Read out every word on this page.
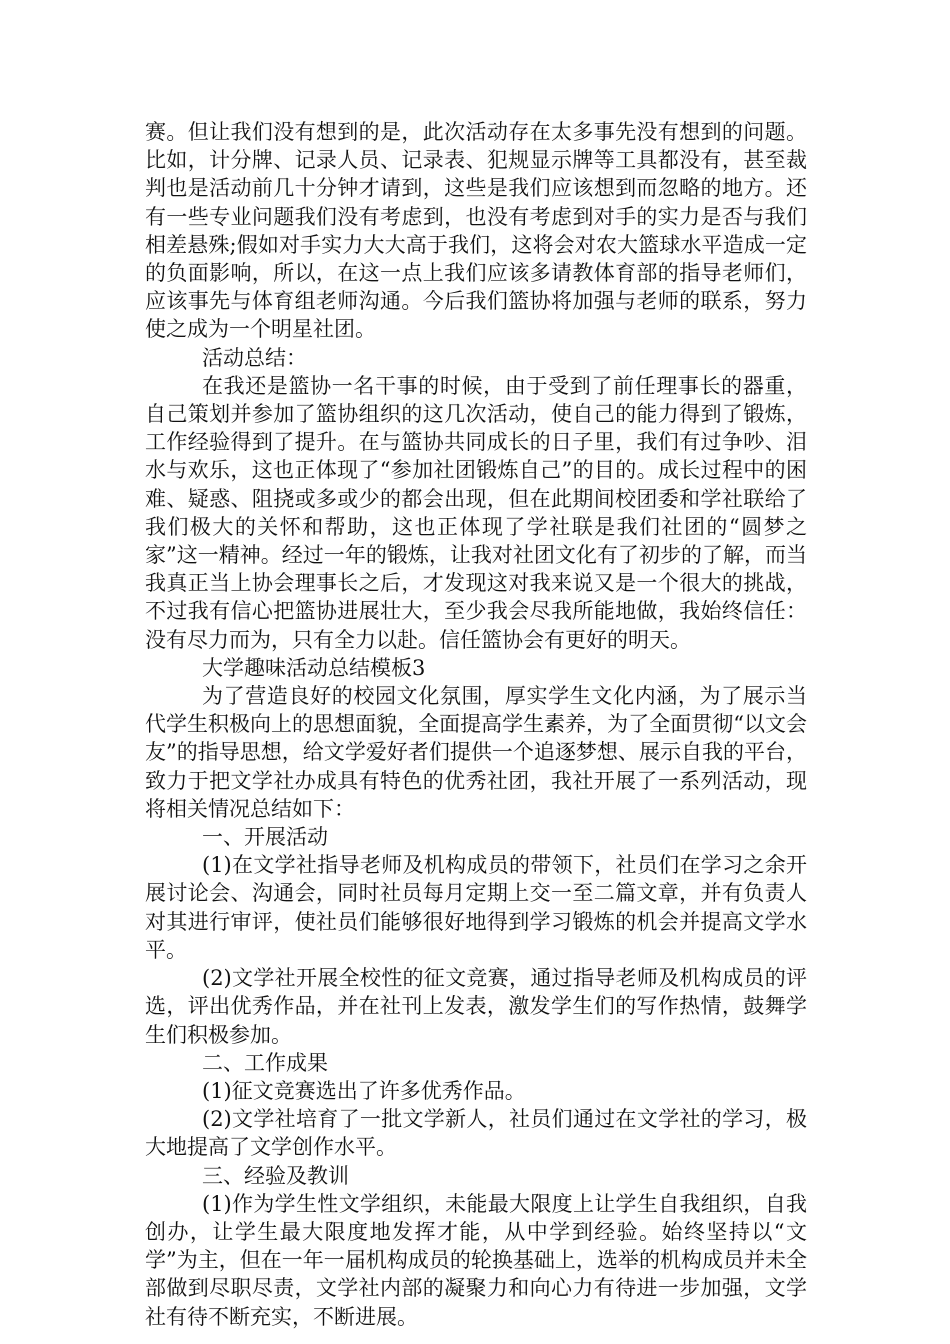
赛。但让我们没有想到的是，此次活动存在太多事先没有想到的问题。比如，计分牌、记录人员、记录表、犯规显示牌等工具都没有，甚至裁判也是活动前几十分钟才请到，这些是我们应该想到而忽略的地方。还有一些专业问题我们没有考虑到，也没有考虑到对手的实力是否与我们相差悬殊;假如对手实力大大高于我们，这将会对农大篮球水平造成一定的负面影响，所以，在这一点上我们应该多请教体育部的指导老师们，应该事先与体育组老师沟通。今后我们篮协将加强与老师的联系，努力使之成为一个明星社团。

活动总结：

在我还是篮协一名干事的时候，由于受到了前任理事长的器重，自己策划并参加了篮协组织的这几次活动，使自己的能力得到了锻炼，工作经验得到了提升。在与篮协共同成长的日子里，我们有过争吵、泪水与欢乐，这也正体现了“参加社团锻炼自己”的目的。成长过程中的困难、疑惑、阻挠或多或少的都会出现，但在此期间校团委和学社联给了我们极大的关怀和帮助，这也正体现了学社联是我们社团的“圆梦之家”这一精神。经过一年的锻炼，让我对社团文化有了初步的了解，而当我真正当上协会理事长之后，才发现这对我来说又是一个很大的挑战，不过我有信心把篮协进展壮大，至少我会尽我所能地做，我始终信任：没有尽力而为，只有全力以赴。信任篮协会有更好的明天。

大学趣味活动总结模板3

为了营造良好的校园文化氛围，厚实学生文化内涵，为了展示当代学生积极向上的思想面貌，全面提高学生素养，为了全面贯彻“以文会友”的指导思想，给文学爱好者们提供一个追逐梦想、展示自我的平台，致力于把文学社办成具有特色的优秀社团，我社开展了一系列活动，现将相关情况总结如下：

一、开展活动

(1)在文学社指导老师及机构成员的带领下，社员们在学习之余开展讨论会、沟通会，同时社员每月定期上交一至二篇文章，并有负责人对其进行审评，使社员们能够很好地得到学习锻炼的机会并提高文学水平。

(2)文学社开展全校性的征文竞赛，通过指导老师及机构成员的评选，评出优秀作品，并在社刊上发表，激发学生们的写作热情，鼓舞学生们积极参加。

二、工作成果

(1)征文竞赛选出了许多优秀作品。

(2)文学社培育了一批文学新人，社员们通过在文学社的学习，极大地提高了文学创作水平。

三、经验及教训

(1)作为学生性文学组织，未能最大限度上让学生自我组织，自我创办，让学生最大限度地发挥才能，从中学到经验。始终坚持以“文学”为主，但在一年一届机构成员的轮换基础上，选举的机构成员并未全部做到尽职尽责，文学社内部的凝聚力和向心力有待进一步加强，文学社有待不断充实，不断进展。
